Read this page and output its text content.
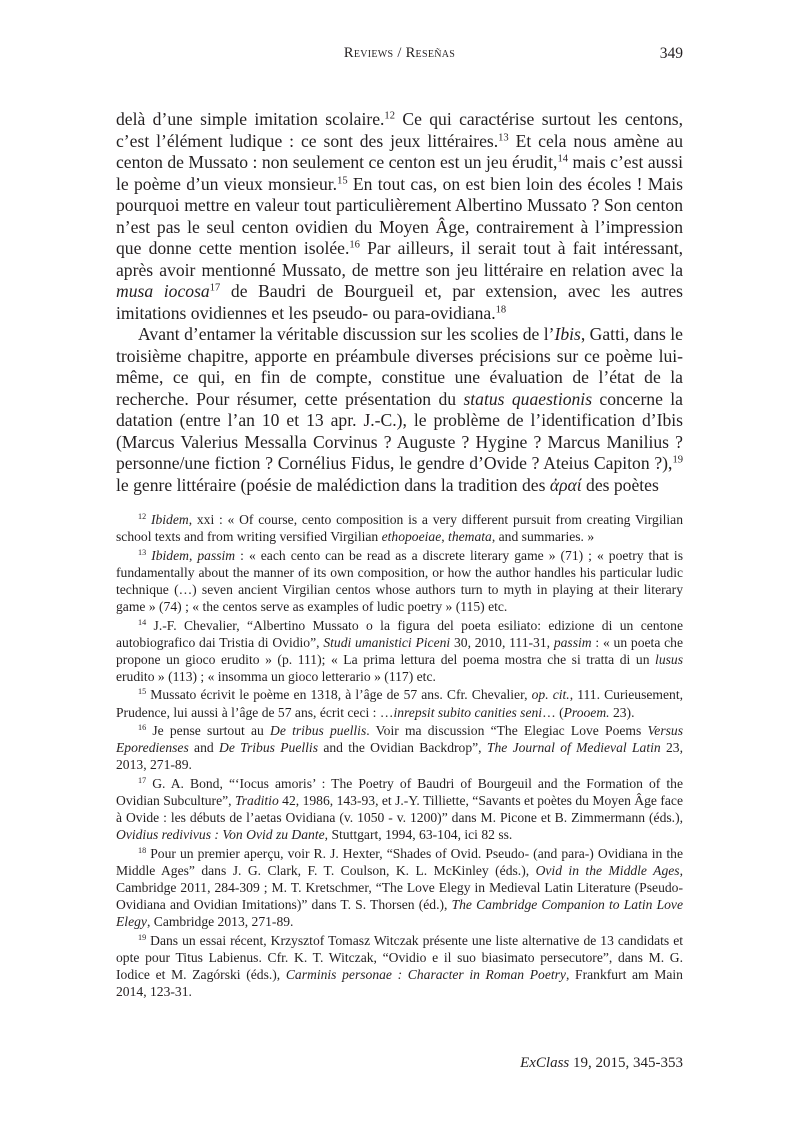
Reviews / Reseñas	349

delà d’une simple imitation scolaire.$^{12}$ Ce qui caractérise surtout les centons, c’est l’élément ludique : ce sont des jeux littéraires.$^{13}$ Et cela nous amène au centon de Mussato : non seulement ce centon est un jeu érudit,$^{14}$ mais c’est aussi le poème d’un vieux monsieur.$^{15}$ En tout cas, on est bien loin des écoles ! Mais pourquoi mettre en valeur tout particulièrement Albertino Mussato ? Son centon n’est pas le seul centon ovidien du Moyen Âge, contrairement à l’impression que donne cette mention isolée.$^{16}$ Par ailleurs, il serait tout à fait intéressant, après avoir mentionné Mussato, de mettre son jeu littéraire en relation avec la musa iocosa$^{17}$ de Baudri de Bourgueil et, par extension, avec les autres imitations ovidiennes et les pseudo- ou para-ovidiana.$^{18}$

Avant d’entamer la véritable discussion sur les scolies de l’Ibis, Gatti, dans le troisième chapitre, apporte en préambule diverses précisions sur ce poème lui-même, ce qui, en fin de compte, constitue une évaluation de l’état de la recherche. Pour résumer, cette présentation du status quaestionis concerne la datation (entre l’an 10 et 13 apr. J.-C.), le problème de l’identification d’Ibis (Marcus Valerius Messalla Corvinus ? Auguste ? Hygine ? Marcus Manilius ? personne/une fiction ? Cornélius Fidus, le gendre d’Ovide ? Ateius Capiton ?),$^{19}$ le genre littéraire (poésie de malédiction dans la tradition des ἀραί des poètes

$^{12}$ Ibidem, xxi : « Of course, cento composition is a very different pursuit from creating Virgilian school texts and from writing versified Virgilian ethopoeiae, themata, and summaries. »

$^{13}$ Ibidem, passim : « each cento can be read as a discrete literary game » (71) ; « poetry that is fundamentally about the manner of its own composition, or how the author handles his particular ludic technique (…) seven ancient Virgilian centos whose authors turn to myth in playing at their literary game » (74) ; « the centos serve as examples of ludic poetry » (115) etc.

$^{14}$ J.-F. Chevalier, “Albertino Mussato o la figura del poeta esiliato: edizione di un centone autobiografico dai Tristia di Ovidio”, Studi umanistici Piceni 30, 2010, 111-31, passim : « un poeta che propone un gioco erudito » (p. 111); « La prima lettura del poema mostra che si tratta di un lusus erudito » (113) ; « insomma un gioco letterario » (117) etc.

$^{15}$ Mussato écrivit le poème en 1318, à l’âge de 57 ans. Cfr. Chevalier, op. cit., 111. Curieusement, Prudence, lui aussi à l’âge de 57 ans, écrit ceci : …inrepsit subito canities seni… (Prooem. 23).

$^{16}$ Je pense surtout au De tribus puellis. Voir ma discussion “The Elegiac Love Poems Versus Eporedienses and De Tribus Puellis and the Ovidian Backdrop”, The Journal of Medieval Latin 23, 2013, 271-89.

$^{17}$ G. A. Bond, “‘Iocus amoris’ : The Poetry of Baudri of Bourgeuil and the Formation of the Ovidian Subculture”, Traditio 42, 1986, 143-93, et J.-Y. Tilliette, “Savants et poètes du Moyen Âge face à Ovide : les débuts de l’aetas Ovidiana (v. 1050 - v. 1200)” dans M. Picone et B. Zimmermann (éds.), Ovidius redivivus : Von Ovid zu Dante, Stuttgart, 1994, 63-104, ici 82 ss.

$^{18}$ Pour un premier aperçu, voir R. J. Hexter, “Shades of Ovid. Pseudo- (and para-) Ovidiana in the Middle Ages” dans J. G. Clark, F. T. Coulson, K. L. McKinley (éds.), Ovid in the Middle Ages, Cambridge 2011, 284-309 ; M. T. Kretschmer, “The Love Elegy in Medieval Latin Literature (Pseudo-Ovidiana and Ovidian Imitations)” dans T. S. Thorsen (éd.), The Cambridge Companion to Latin Love Elegy, Cambridge 2013, 271-89.

$^{19}$ Dans un essai récent, Krzysztof Tomasz Witczak présente une liste alternative de 13 candidats et opte pour Titus Labienus. Cfr. K. T. Witczak, “Ovidio e il suo biasimato persecutore”, dans M. G. Iodice et M. Zagórski (éds.), Carminis personae : Character in Roman Poetry, Frankfurt am Main 2014, 123-31.

ExClass 19, 2015, 345-353
